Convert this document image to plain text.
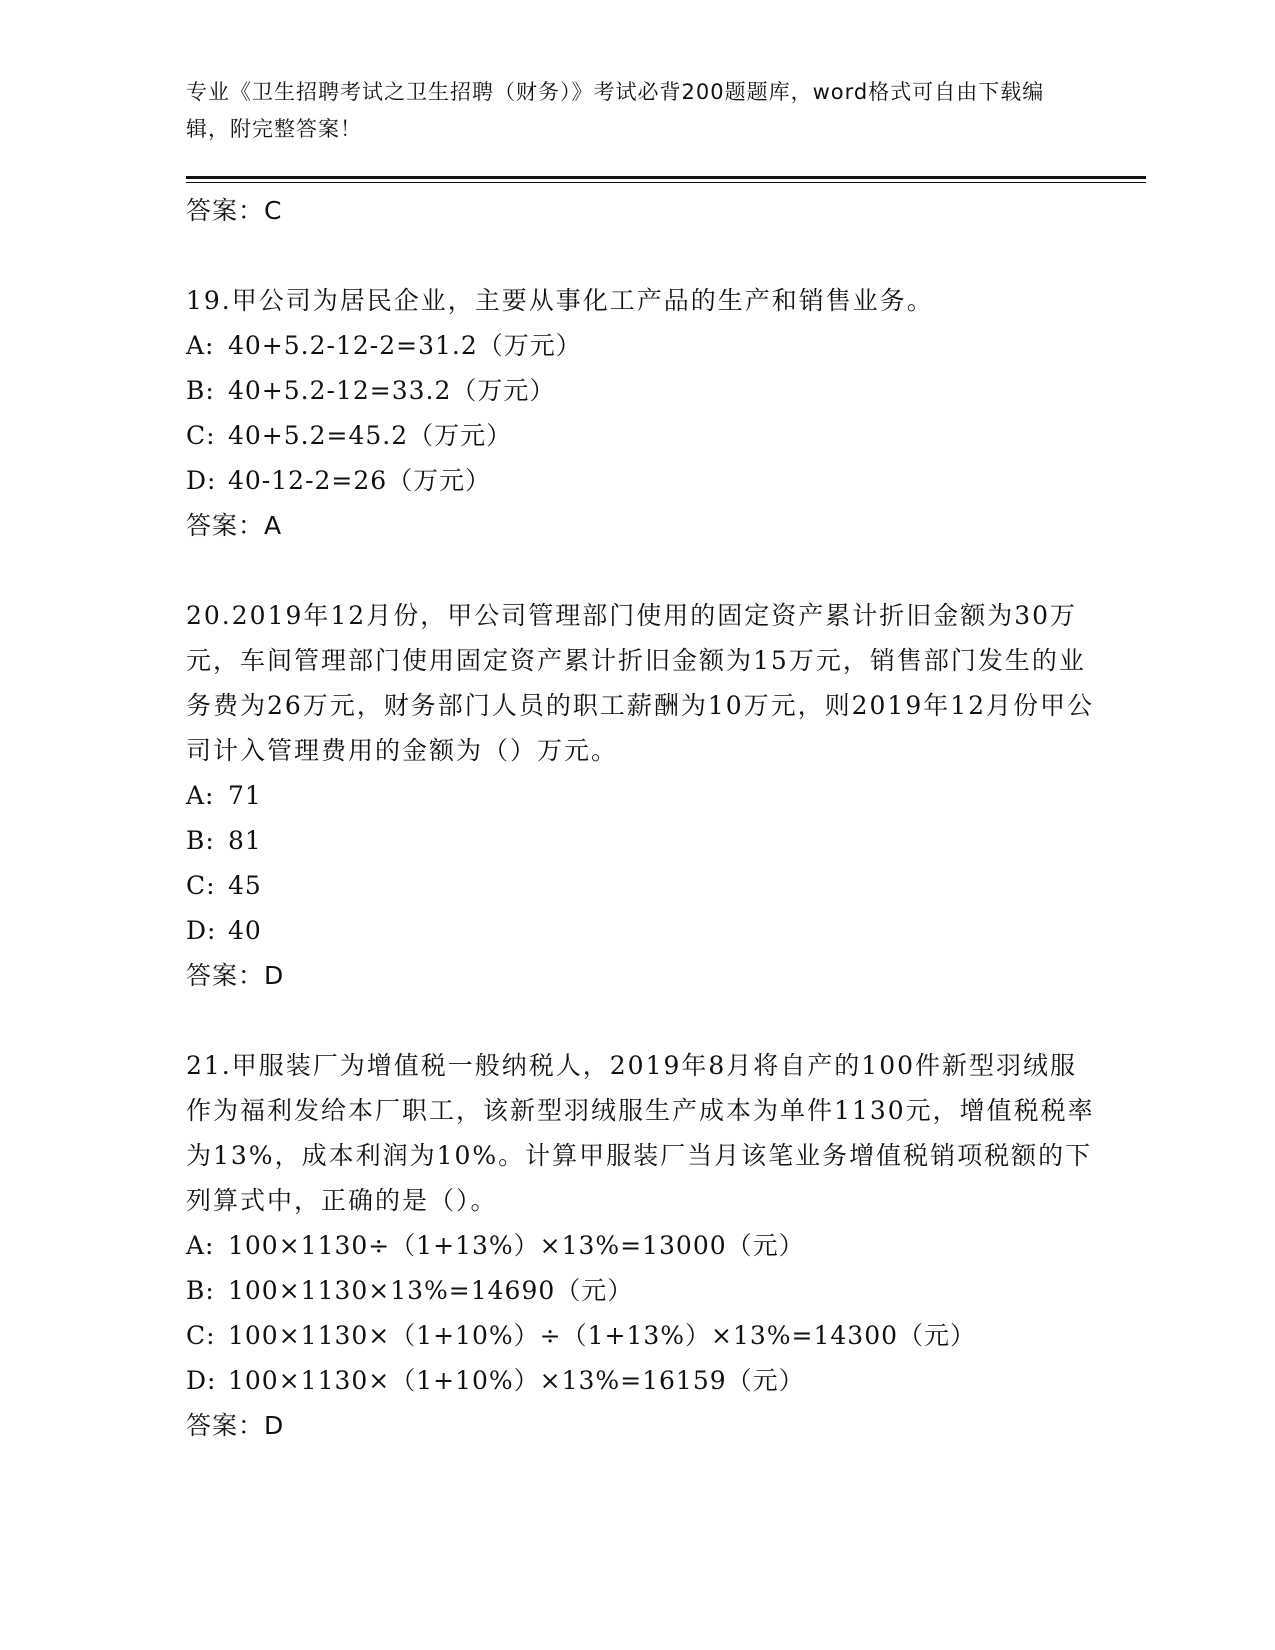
专业《卫生招聘考试之卫生招聘（财务）》考试必背200题题库，word格式可自由下载编辑，附完整答案！
答案：C
19.甲公司为居民企业，主要从事化工产品的生产和销售业务。
A: 40+5.2-12-2=31.2（万元）
B: 40+5.2-12=33.2（万元）
C: 40+5.2=45.2（万元）
D: 40-12-2=26（万元）
答案：A
20.2019年12月份，甲公司管理部门使用的固定资产累计折旧金额为30万元，车间管理部门使用固定资产累计折旧金额为15万元，销售部门发生的业务费为26万元，财务部门人员的职工薪酬为10万元，则2019年12月份甲公司计入管理费用的金额为（）万元。
A: 71
B: 81
C: 45
D: 40
答案：D
21.甲服装厂为增值税一般纳税人，2019年8月将自产的100件新型羽绒服作为福利发给本厂职工，该新型羽绒服生产成本为单件1130元，增值税税率为13%，成本利润为10%。计算甲服装厂当月该笔业务增值税销项税额的下列算式中，正确的是（）。
A: 100×1130÷（1+13%）×13%=13000（元）
B: 100×1130×13%=14690（元）
C: 100×1130×（1+10%）÷（1+13%）×13%=14300（元）
D: 100×1130×（1+10%）×13%=16159（元）
答案：D
